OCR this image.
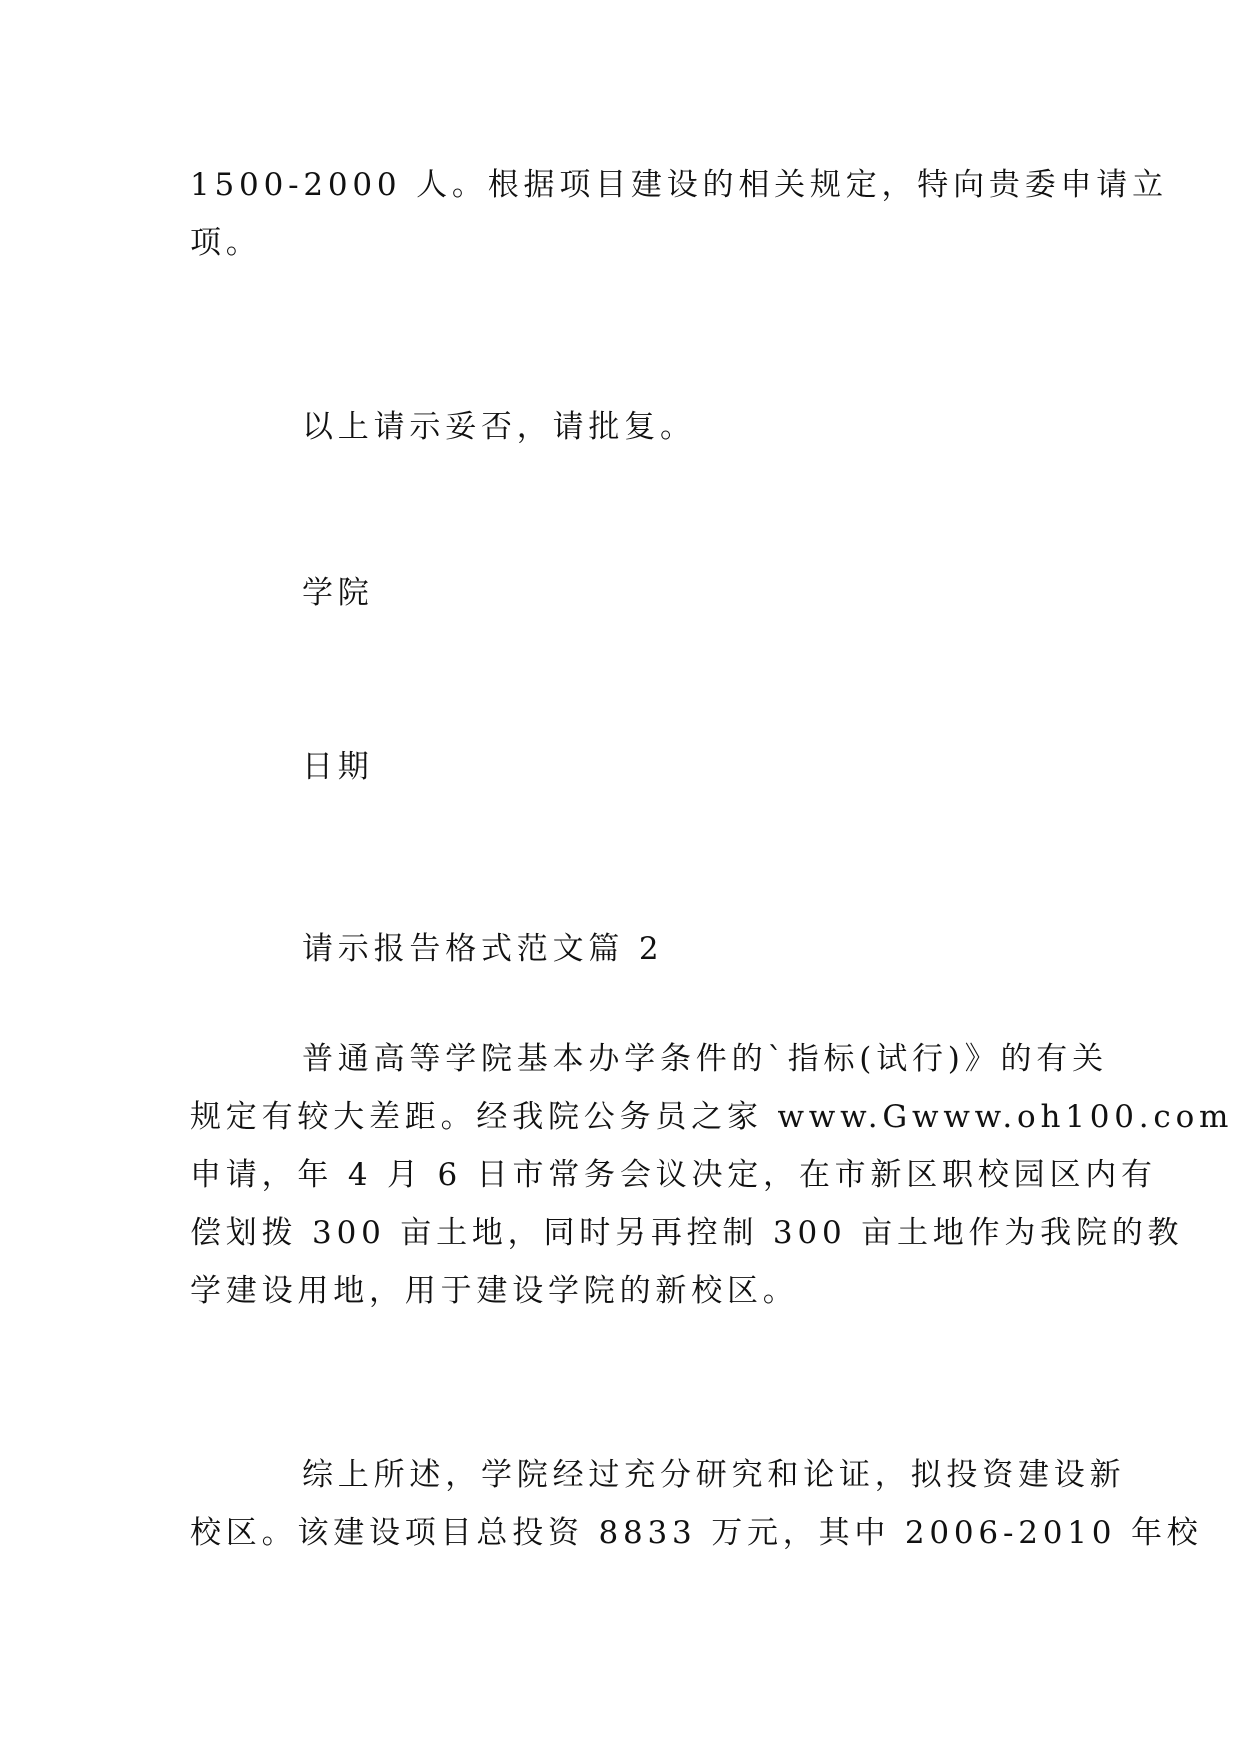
1500-2000 人。根据项目建设的相关规定，特向贵委申请立
项。
以上请示妥否，请批复。
学院
日期
请示报告格式范文篇 2
普通高等学院基本办学条件的`指标(试行)》的有关
规定有较大差距。经我院公务员之家 www.Gwww.oh100.com
申请，年 4 月 6 日市常务会议决定，在市新区职校园区内有
偿划拨 300 亩土地，同时另再控制 300 亩土地作为我院的教
学建设用地，用于建设学院的新校区。
综上所述，学院经过充分研究和论证，拟投资建设新
校区。该建设项目总投资 8833 万元，其中 2006-2010 年校
